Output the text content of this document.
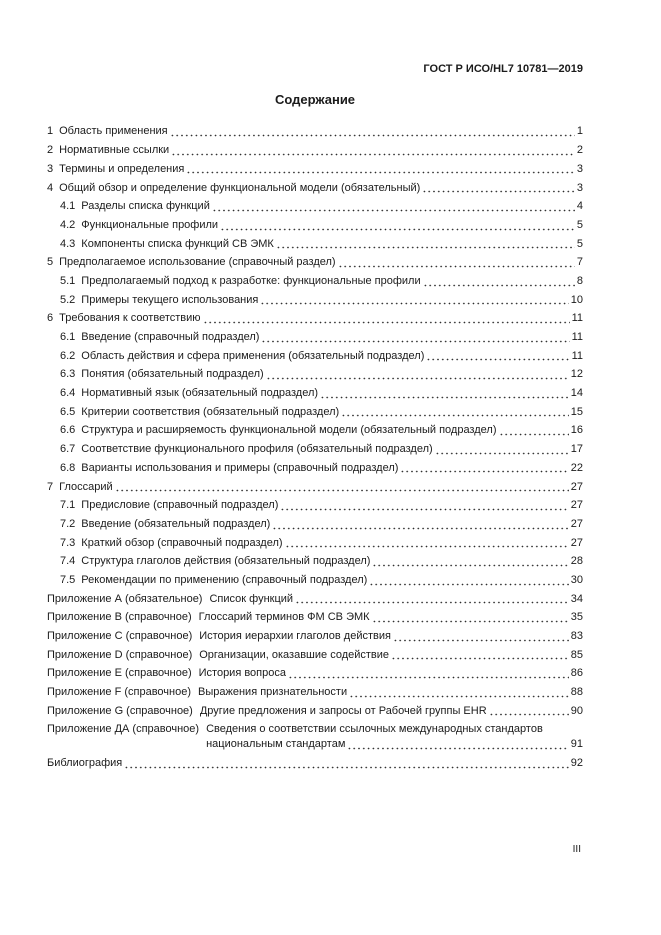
ГОСТ Р ИСО/HL7 10781—2019
Содержание
1 Область применения	1
2 Нормативные ссылки	2
3 Термины и определения	3
4 Общий обзор и определение функциональной модели (обязательный)	3
4.1 Разделы списка функций	4
4.2 Функциональные профили	5
4.3 Компоненты списка функций СВ ЭМК	5
5 Предполагаемое использование (справочный раздел)	7
5.1 Предполагаемый подход к разработке: функциональные профили	8
5.2 Примеры текущего использования	10
6 Требования к соответствию	11
6.1 Введение (справочный подраздел)	11
6.2 Область действия и сфера применения (обязательный подраздел)	11
6.3 Понятия (обязательный подраздел)	12
6.4 Нормативный язык (обязательный подраздел)	14
6.5 Критерии соответствия (обязательный подраздел)	15
6.6 Структура и расширяемость функциональной модели (обязательный подраздел)	16
6.7 Соответствие функционального профиля (обязательный подраздел)	17
6.8 Варианты использования и примеры (справочный подраздел)	22
7 Глоссарий	27
7.1 Предисловие (справочный подраздел)	27
7.2 Введение (обязательный подраздел)	27
7.3 Краткий обзор (справочный подраздел)	27
7.4 Структура глаголов действия (обязательный подраздел)	28
7.5 Рекомендации по применению (справочный подраздел)	30
Приложение А (обязательное) Список функций	34
Приложение В (справочное) Глоссарий терминов ФМ СВ ЭМК	35
Приложение С (справочное) История иерархии глаголов действия	83
Приложение D (справочное) Организации, оказавшие содействие	85
Приложение Е (справочное) История вопроса	86
Приложение F (справочное) Выражения признательности	88
Приложение G (справочное) Другие предложения и запросы от Рабочей группы EHR	90
Приложение ДА (справочное) Сведения о соответствии ссылочных международных стандартов
национальным стандартам	91
Библиография	92
III
